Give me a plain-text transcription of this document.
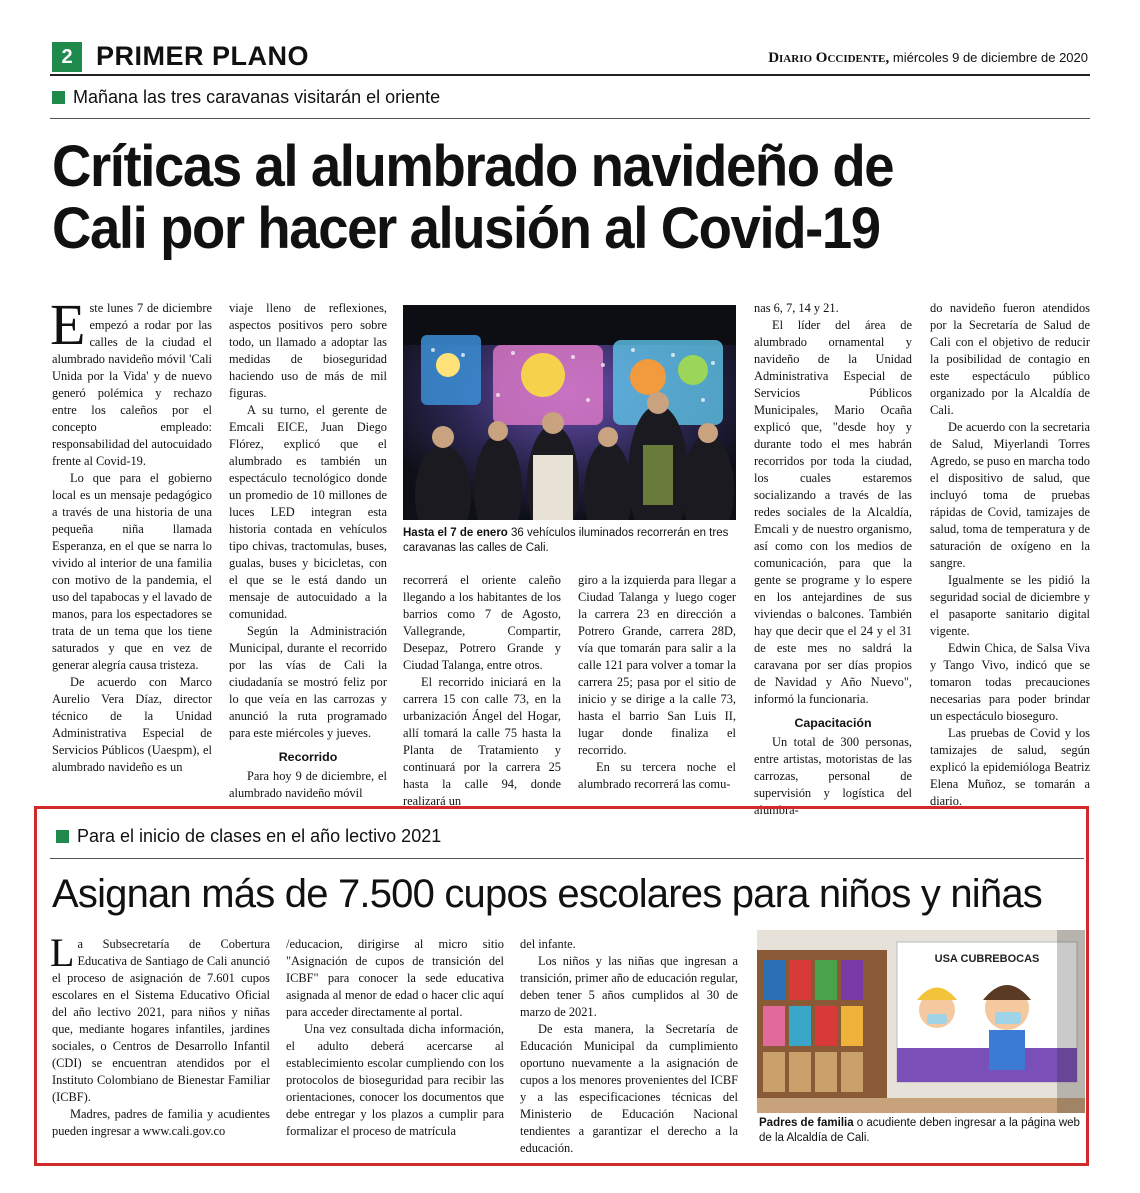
2 PRIMER PLANO	Diario Occidente, miércoles 9 de diciembre de 2020
Mañana las tres caravanas visitarán el oriente
Críticas al alumbrado navideño de
Cali por hacer alusión al Covid-19
E ste lunes 7 de diciembre empezó a rodar por las calles de la ciudad el alumbrado navideño móvil 'Cali Unida por la Vida' y de nuevo generó polémica y rechazo entre los caleños por el concepto empleado: responsabilidad del autocuidado frente al Covid-19.

Lo que para el gobierno local es un mensaje pedagógico a través de una historia de una pequeña niña llamada Esperanza, en el que se narra lo vivido al interior de una familia con motivo de la pandemia, el uso del tapabocas y el lavado de manos, para los espectadores se trata de un tema que los tiene saturados y que en vez de generar alegría causa tristeza.

De acuerdo con Marco Aurelio Vera Díaz, director técnico de la Unidad Administrativa Especial de Servicios Públicos (Uaespm), el alumbrado navideño es un

viaje lleno de reflexiones, aspectos positivos pero sobre todo, un llamado a adoptar las medidas de bioseguridad haciendo uso de más de mil figuras.

A su turno, el gerente de Emcali EICE, Juan Diego Flórez, explicó que el alumbrado es también un espectáculo tecnológico donde un promedio de 10 millones de luces LED integran esta historia contada en vehículos tipo chivas, tractomulas, buses, gualas, buses y bicicletas, con el que se le está dando un mensaje de autocuidado a la comunidad.

Según la Administración Municipal, durante el recorrido por las vías de Cali la ciudadanía se mostró feliz por lo que veía en las carrozas y anunció la ruta programado para este miércoles y jueves.

Recorrido

Para hoy 9 de diciembre, el alumbrado navideño móvil

Hasta el 7 de enero 36 vehículos iluminados recorrerán en tres caravanas las calles de Cali.

recorrerá el oriente caleño llegando a los habitantes de los barrios como 7 de Agosto, Vallegrande, Compartir, Desepaz, Potrero Grande y Ciudad Talanga, entre otros.

El recorrido iniciará en la carrera 15 con calle 73, en la urbanización Ángel del Hogar, allí tomará la calle 75 hasta la Planta de Tratamiento y continuará por la carrera 25 hasta la calle 94, donde realizará un

giro a la izquierda para llegar a Ciudad Talanga y luego coger la carrera 23 en dirección a Potrero Grande, carrera 28D, vía que tomarán para salir a la calle 121 para volver a tomar la carrera 25; pasa por el sitio de inicio y se dirige a la calle 73, hasta el barrio San Luis II, lugar donde finaliza el recorrido.

En su tercera noche el alumbrado recorrerá las comu-

nas 6, 7, 14 y 21.

El líder del área de alumbrado ornamental y navideño de la Unidad Administrativa Especial de Servicios Públicos Municipales, Mario Ocaña explicó que, "desde hoy y durante todo el mes habrán recorridos por toda la ciudad, los cuales estaremos socializando a través de las redes sociales de la Alcaldía, Emcali y de nuestro organismo, así como con los medios de comunicación, para que la gente se programe y lo espere en los antejardines de sus viviendas o balcones. También hay que decir que el 24 y el 31 de este mes no saldrá la caravana por ser días propios de Navidad y Año Nuevo", informó la funcionaria.

Capacitación

Un total de 300 personas, entre artistas, motoristas de las carrozas, personal de supervisión y logística del alumbra-

do navideño fueron atendidos por la Secretaría de Salud de Cali con el objetivo de reducir la posibilidad de contagio en este espectáculo público organizado por la Alcaldía de Cali.

De acuerdo con la secretaria de Salud, Miyerlandi Torres Agredo, se puso en marcha todo el dispositivo de salud, que incluyó toma de pruebas rápidas de Covid, tamizajes de salud, toma de temperatura y de saturación de oxígeno en la sangre.

Igualmente se les pidió la seguridad social de diciembre y el pasaporte sanitario digital vigente.

Edwin Chica, de Salsa Viva y Tango Vivo, indicó que se tomaron todas precauciones necesarias para poder brindar un espectáculo bioseguro.

Las pruebas de Covid y los tamizajes de salud, según explicó la epidemióloga Beatriz Elena Muñoz, se tomarán a diario.

Para el inicio de clases en el año lectivo 2021
Asignan más de 7.500 cupos escolares para niños y niñas
L a Subsecretaría de Cobertura Educativa de Santiago de Cali anunció el proceso de asignación de 7.601 cupos escolares en el Sistema Educativo Oficial del año lectivo 2021, para niños y niñas que, mediante hogares infantiles, jardines sociales, o Centros de Desarrollo Infantil (CDI) se encuentran atendidos por el Instituto Colombiano de Bienestar Familiar (ICBF).

Madres, padres de familia y acudientes pueden ingresar a www.cali.gov.co

/educacion, dirigirse al micro sitio "Asignación de cupos de transición del ICBF" para conocer la sede educativa asignada al menor de edad o hacer clic aquí para acceder directamente al portal.

Una vez consultada dicha información, el adulto deberá acercarse al establecimiento escolar cumpliendo con los protocolos de bioseguridad para recibir las orientaciones, conocer los documentos que debe entregar y los plazos a cumplir para formalizar el proceso de matrícula

del infante.

Los niños y las niñas que ingresan a transición, primer año de educación regular, deben tener 5 años cumplidos al 30 de marzo de 2021.

De esta manera, la Secretaría de Educación Municipal da cumplimiento oportuno nuevamente a la asignación de cupos a los menores provenientes del ICBF y a las especificaciones técnicas del Ministerio de Educación Nacional tendientes a garantizar el derecho a la educación.

USA CUBREBOCAS
Padres de familia o acudiente deben ingresar a la página web de la Alcaldía de Cali.
